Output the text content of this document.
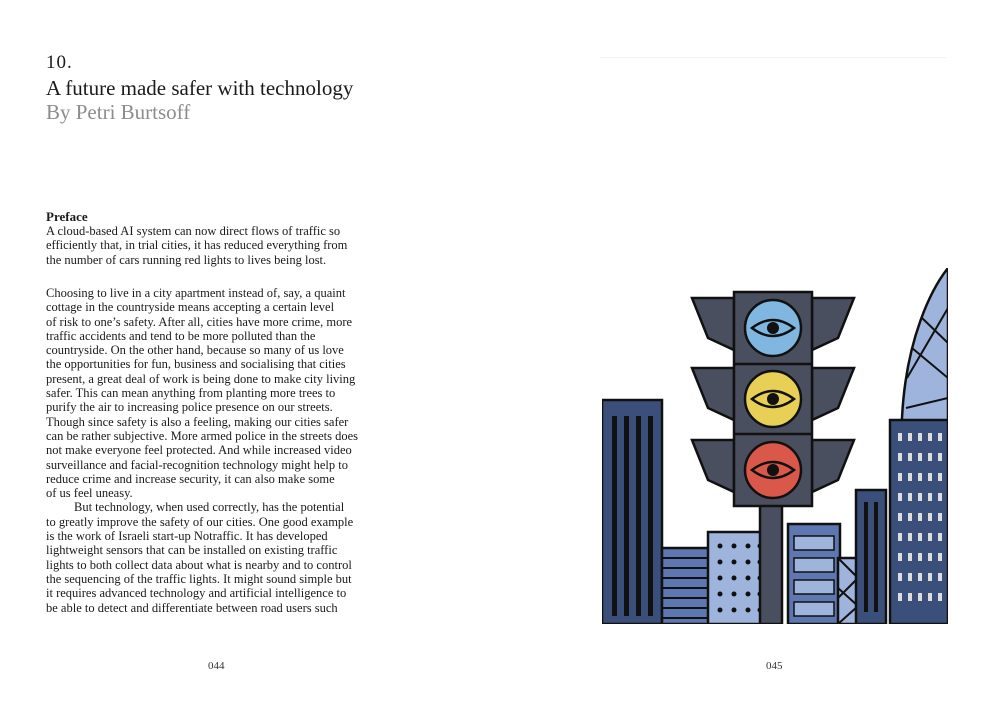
10.
A future made safer with technology
By Petri Burtsoff
Preface

A cloud-based AI system can now direct flows of traffic so
efficiently that, in trial cities, it has reduced everything from
the number of cars running red lights to lives being lost.

Choosing to live in a city apartment instead of, say, a quaint
cottage in the countryside means accepting a certain level
of risk to one’s safety. After all, cities have more crime, more
traffic accidents and tend to be more polluted than the
countryside. On the other hand, because so many of us love
the opportunities for fun, business and socialising that cities
present, a great deal of work is being done to make city living
safer. This can mean anything from planting more trees to
purify the air to increasing police presence on our streets.
Though since safety is also a feeling, making our cities safer
can be rather subjective. More armed police in the streets does
not make everyone feel protected. And while increased video
surveillance and facial-recognition technology might help to
reduce crime and increase security, it can also make some
of us feel uneasy.
But technology, when used correctly, has the potential
to greatly improve the safety of our cities. One good example
is the work of Israeli start-up Notraffic. It has developed
lightweight sensors that can be installed on existing traffic
lights to both collect data about what is nearby and to control
the sequencing of the traffic lights. It might sound simple but
it requires advanced technology and artificial intelligence to
be able to detect and differentiate between road users such

044	045
